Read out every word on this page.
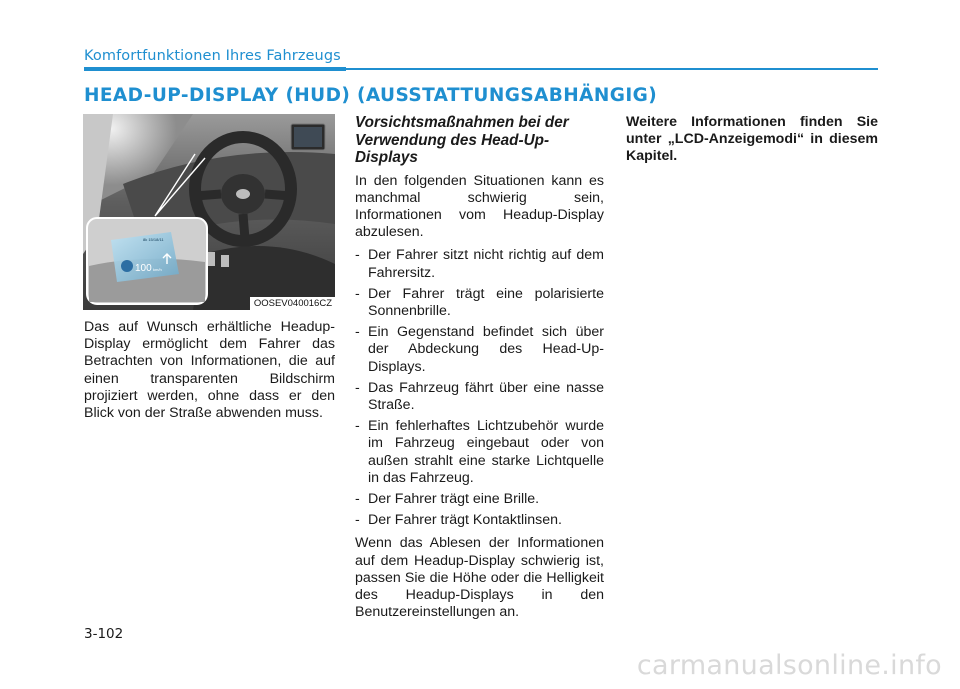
Komfortfunktionen Ihres Fahrzeugs
HEAD-UP-DISPLAY (HUD) (AUSSTATTUNGSABHÄNGIG)
100 km/h
8k 15/18/11
OOSEV040016CZ

Das auf Wunsch erhältliche Headup-Display ermöglicht dem Fahrer das Betrachten von Informationen, die auf einen transparenten Bildschirm projiziert werden, ohne dass er den Blick von der Straße abwenden muss.

Vorsichtsmaßnahmen bei der Verwendung des Head-Up-Displays

In den folgenden Situationen kann es manchmal schwierig sein, Informationen vom Headup-Display abzulesen.

- Der Fahrer sitzt nicht richtig auf dem Fahrersitz.
- Der Fahrer trägt eine polarisierte Sonnenbrille.
- Ein Gegenstand befindet sich über der Abdeckung des Head-Up-Displays.
- Das Fahrzeug fährt über eine nasse Straße.
- Ein fehlerhaftes Lichtzubehör wurde im Fahrzeug eingebaut oder von außen strahlt eine starke Lichtquelle in das Fahrzeug.
- Der Fahrer trägt eine Brille.
- Der Fahrer trägt Kontaktlinsen.

Wenn das Ablesen der Informationen auf dem Headup-Display schwierig ist, passen Sie die Höhe oder die Helligkeit des Headup-Displays in den Benutzereinstellungen an.

Weitere Informationen finden Sie unter „LCD-Anzeigemodi“ in diesem Kapitel.

3-102
carmanualsonline.info
